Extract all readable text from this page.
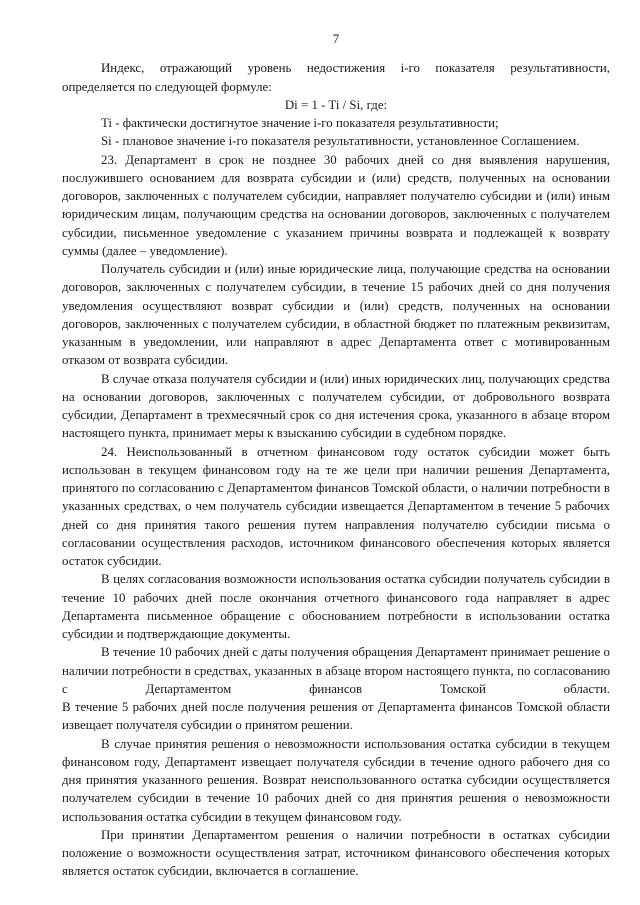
7

Индекс, отражающий уровень недостижения i-го показателя результативности, определяется по следующей формуле:

Di = 1 - Ti / Si, где:

Ti - фактически достигнутое значение i-го показателя результативности;

Si - плановое значение i-го показателя результативности, установленное Соглашением.

23. Департамент в срок не позднее 30 рабочих дней со дня выявления нарушения, послужившего основанием для возврата субсидии и (или) средств, полученных на основании договоров, заключенных с получателем субсидии, направляет получателю субсидии и (или) иным юридическим лицам, получающим средства на основании договоров, заключенных с получателем субсидии, письменное уведомление с указанием причины возврата и подлежащей к возврату суммы (далее – уведомление).

Получатель субсидии и (или) иные юридические лица, получающие средства на основании договоров, заключенных с получателем субсидии, в течение 15 рабочих дней со дня получения уведомления осуществляют возврат субсидии и (или) средств, полученных на основании договоров, заключенных с получателем субсидии, в областной бюджет по платежным реквизитам, указанным в уведомлении, или направляют в адрес Департамента ответ с мотивированным отказом от возврата субсидии.

В случае отказа получателя субсидии и (или) иных юридических лиц, получающих средства на основании договоров, заключенных с получателем субсидии, от добровольного возврата субсидии, Департамент в трехмесячный срок со дня истечения срока, указанного в абзаце втором настоящего пункта, принимает меры к взысканию субсидии в судебном порядке.

24. Неиспользованный в отчетном финансовом году остаток субсидии может быть использован в текущем финансовом году на те же цели при наличии решения Департамента, принятого по согласованию с Департаментом финансов Томской области, о наличии потребности в указанных средствах, о чем получатель субсидии извещается Департаментом в течение 5 рабочих дней со дня принятия такого решения путем направления получателю субсидии письма о согласовании осуществления расходов, источником финансового обеспечения которых является остаток субсидии.

В целях согласования возможности использования остатка субсидии получатель субсидии в течение 10 рабочих дней после окончания отчетного финансового года направляет в адрес Департамента письменное обращение с обоснованием потребности в использовании остатка субсидии и подтверждающие документы.

В течение 10 рабочих дней с даты получения обращения Департамент принимает решение о наличии потребности в средствах, указанных в абзаце втором настоящего пункта, по согласованию с Департаментом финансов Томской области.

В течение 5 рабочих дней после получения решения от Департамента финансов Томской области извещает получателя субсидии о принятом решении.

В случае принятия решения о невозможности использования остатка субсидии в текущем финансовом году, Департамент извещает получателя субсидии в течение одного рабочего дня со дня принятия указанного решения. Возврат неиспользованного остатка субсидии осуществляется получателем субсидии в течение 10 рабочих дней со дня принятия решения о невозможности использования остатка субсидии в текущем финансовом году.

При принятии Департаментом решения о наличии потребности в остатках субсидии положение о возможности осуществления затрат, источником финансового обеспечения которых является остаток субсидии, включается в соглашение.
